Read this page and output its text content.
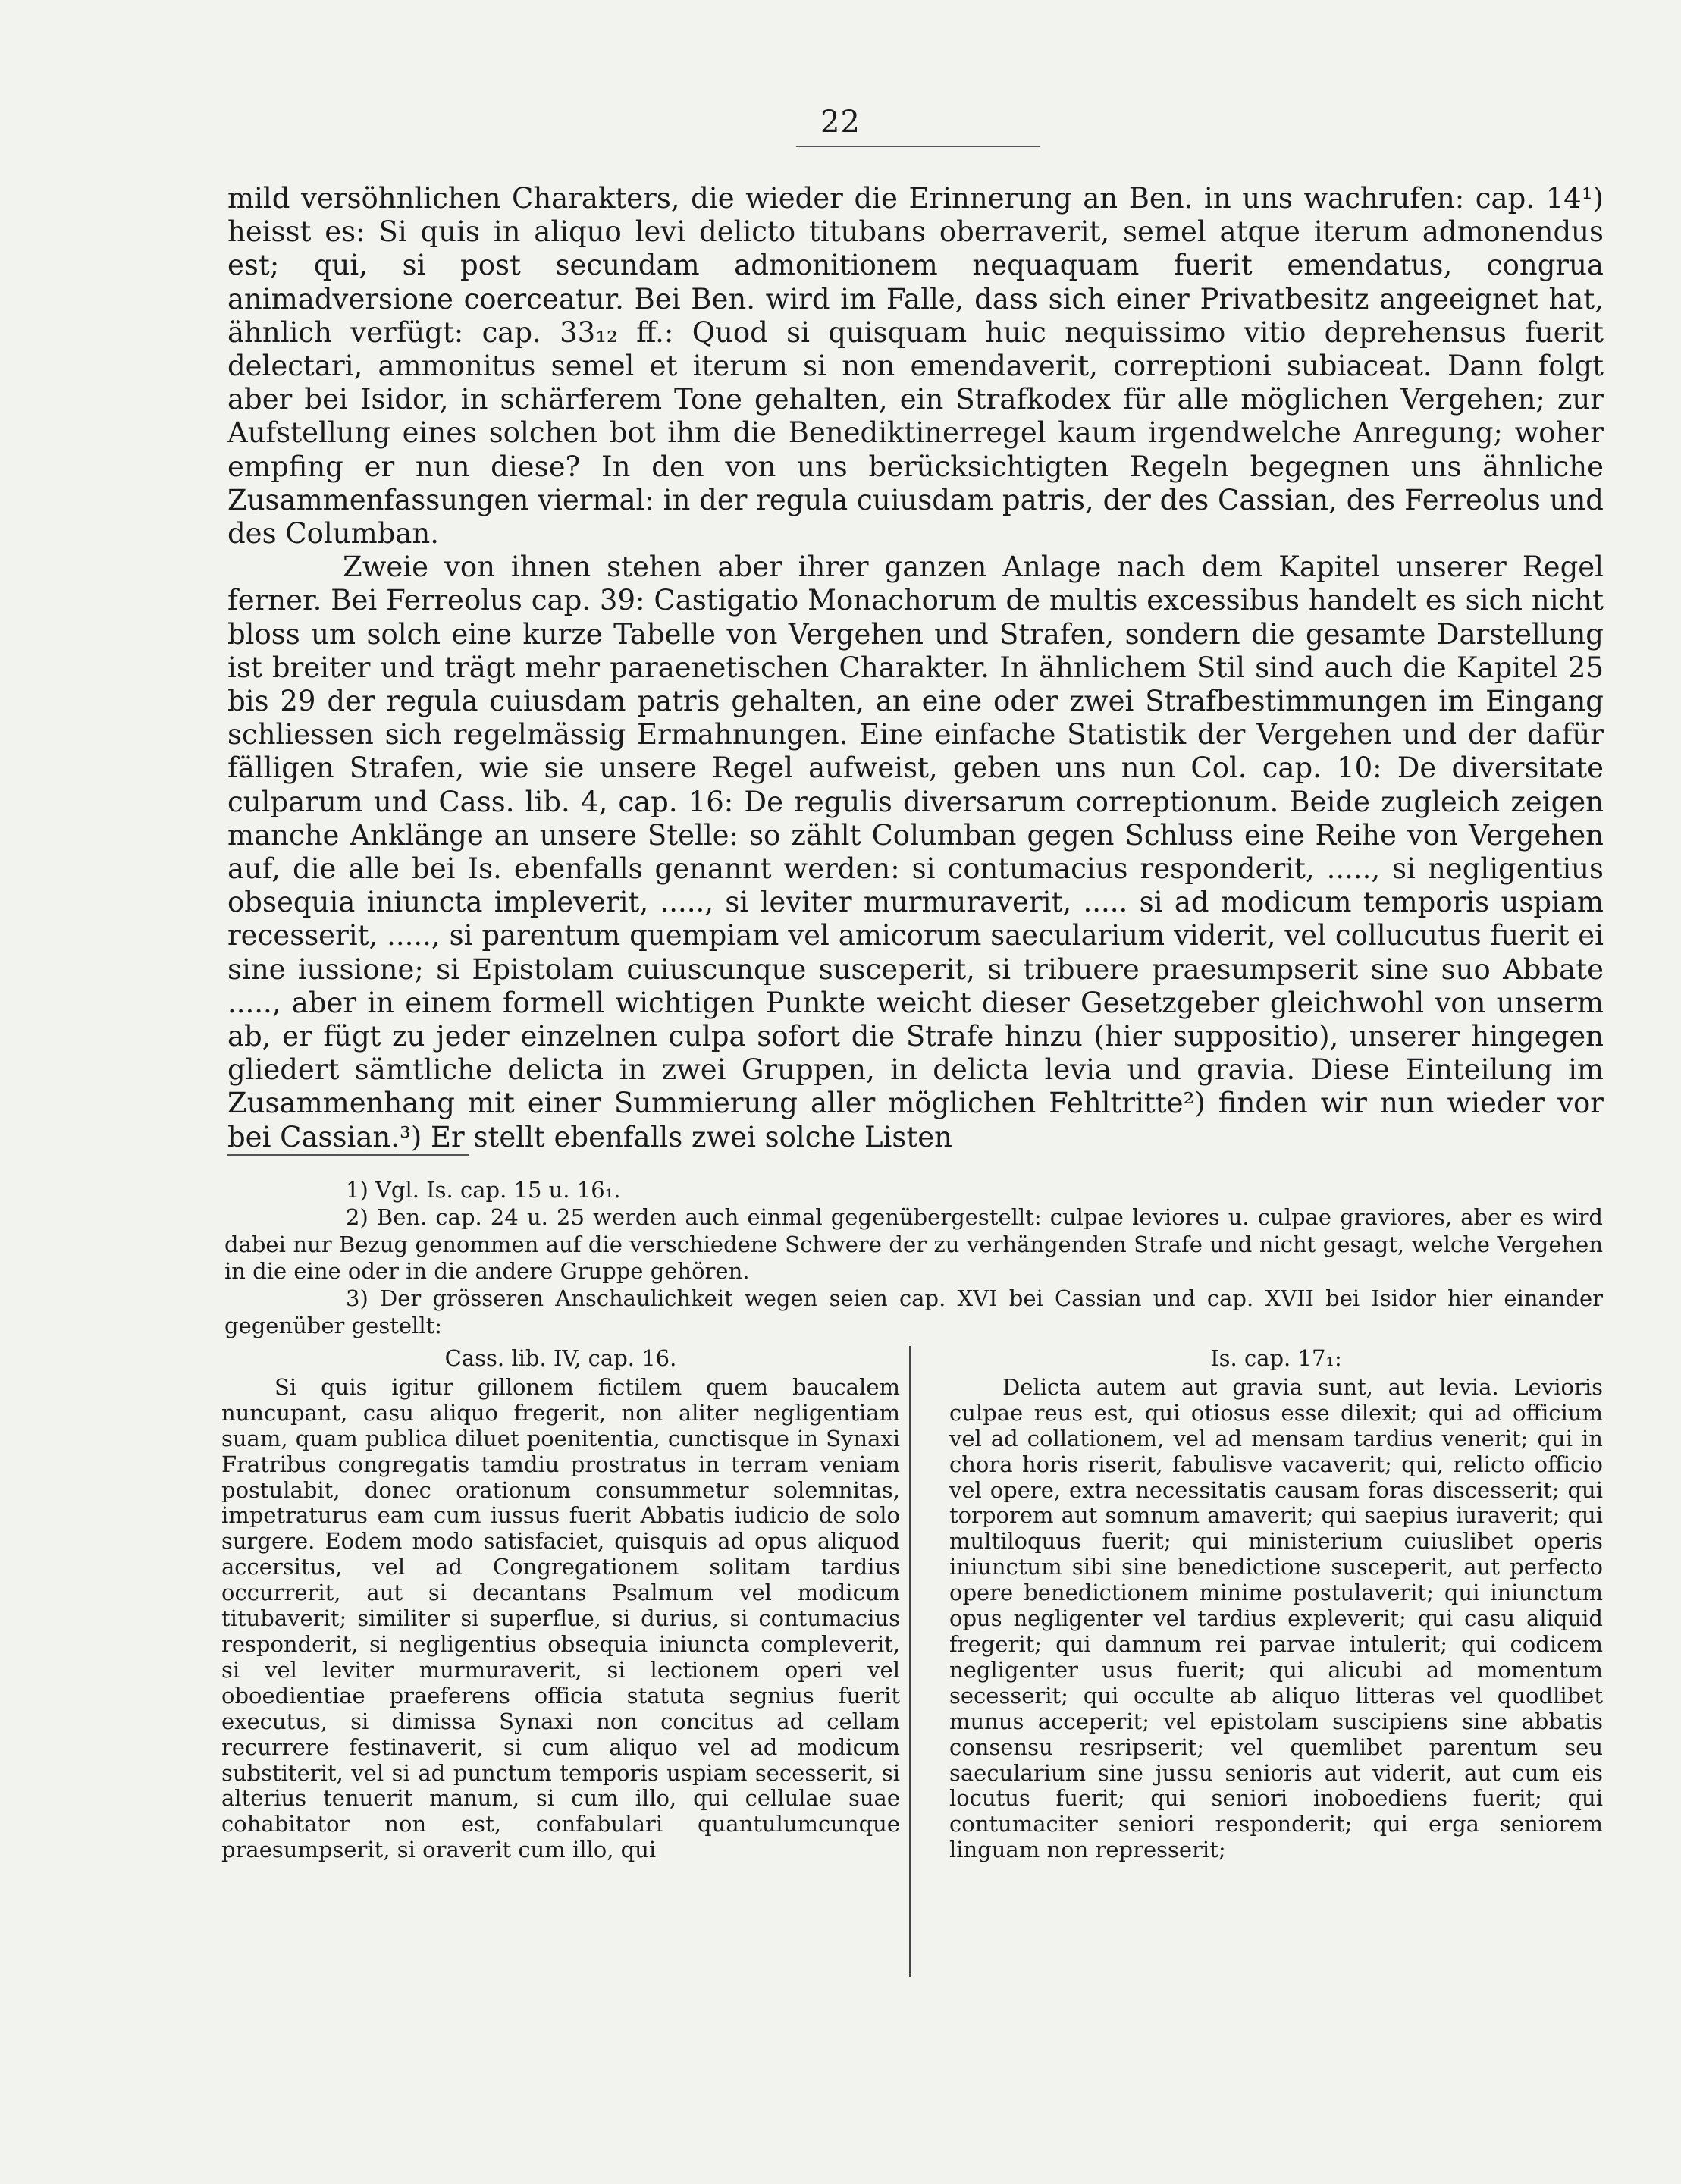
22

mild versöhnlichen Charakters, die wieder die Erinnerung an Ben. in uns wachrufen: cap. 14¹) heisst es: Si quis in aliquo levi delicto titubans oberraverit, semel atque iterum admonendus est; qui, si post secundam admonitionem nequaquam fuerit emendatus, congrua animadversione coerceatur. Bei Ben. wird im Falle, dass sich einer Privatbesitz angeeignet hat, ähnlich verfügt: cap. 33₁₂ ff.: Quod si quisquam huic nequissimo vitio deprehensus fuerit delectari, ammonitus semel et iterum si non emendaverit, correptioni subiaceat. Dann folgt aber bei Isidor, in schärferem Tone gehalten, ein Strafkodex für alle möglichen Vergehen; zur Aufstellung eines solchen bot ihm die Benediktinerregel kaum irgendwelche Anregung; woher empfing er nun diese? In den von uns berücksichtigten Regeln begegnen uns ähnliche Zusammenfassungen viermal: in der regula cuiusdam patris, der des Cassian, des Ferreolus und des Columban.

Zweie von ihnen stehen aber ihrer ganzen Anlage nach dem Kapitel unserer Regel ferner. Bei Ferreolus cap. 39: Castigatio Monachorum de multis excessibus handelt es sich nicht bloss um solch eine kurze Tabelle von Vergehen und Strafen, sondern die gesamte Darstellung ist breiter und trägt mehr paraenetischen Charakter. In ähnlichem Stil sind auch die Kapitel 25 bis 29 der regula cuiusdam patris gehalten, an eine oder zwei Strafbestimmungen im Eingang schliessen sich regelmässig Ermahnungen. Eine einfache Statistik der Vergehen und der dafür fälligen Strafen, wie sie unsere Regel aufweist, geben uns nun Col. cap. 10: De diversitate culparum und Cass. lib. 4, cap. 16: De regulis diversarum correptionum. Beide zugleich zeigen manche Anklänge an unsere Stelle: so zählt Columban gegen Schluss eine Reihe von Vergehen auf, die alle bei Is. ebenfalls genannt werden: si contumacius responderit, ....., si negligentius obsequia iniuncta impleverit, ....., si leviter murmuraverit, ..... si ad modicum temporis uspiam recesserit, ....., si parentum quempiam vel amicorum saecularium viderit, vel collucutus fuerit ei sine iussione; si Epistolam cuiuscunque susceperit, si tribuere praesumpserit sine suo Abbate ....., aber in einem formell wichtigen Punkte weicht dieser Gesetzgeber gleichwohl von unserm ab, er fügt zu jeder einzelnen culpa sofort die Strafe hinzu (hier suppositio), unserer hingegen gliedert sämtliche delicta in zwei Gruppen, in delicta levia und gravia. Diese Einteilung im Zusammenhang mit einer Summierung aller möglichen Fehltritte²) finden wir nun wieder vor bei Cassian.³) Er stellt ebenfalls zwei solche Listen

1) Vgl. Is. cap. 15 u. 16₁.

2) Ben. cap. 24 u. 25 werden auch einmal gegenübergestellt: culpae leviores u. culpae graviores, aber es wird dabei nur Bezug genommen auf die verschiedene Schwere der zu verhängenden Strafe und nicht gesagt, welche Vergehen in die eine oder in die andere Gruppe gehören.

3) Der grösseren Anschaulichkeit wegen seien cap. XVI bei Cassian und cap. XVII bei Isidor hier einander gegenüber gestellt:

Cass. lib. IV, cap. 16.

Si quis igitur gillonem fictilem quem baucalem nuncupant, casu aliquo fregerit, non aliter negligentiam suam, quam publica diluet poenitentia, cunctisque in Synaxi Fratribus congregatis tamdiu prostratus in terram veniam postulabit, donec orationum consummetur solemnitas, impetraturus eam cum iussus fuerit Abbatis iudicio de solo surgere. Eodem modo satisfaciet, quisquis ad opus aliquod accersitus, vel ad Congregationem solitam tardius occurrerit, aut si decantans Psalmum vel modicum titubaverit; similiter si superflue, si durius, si contumacius responderit, si negligentius obsequia iniuncta compleverit, si vel leviter murmuraverit, si lectionem operi vel oboedientiae praeferens officia statuta segnius fuerit executus, si dimissa Synaxi non concitus ad cellam recurrere festinaverit, si cum aliquo vel ad modicum substiterit, vel si ad punctum temporis uspiam secesserit, si alterius tenuerit manum, si cum illo, qui cellulae suae cohabitator non est, confabulari quantulumcunque praesumpserit, si oraverit cum illo, qui

Is. cap. 17₁:

Delicta autem aut gravia sunt, aut levia. Levioris culpae reus est, qui otiosus esse dilexit; qui ad officium vel ad collationem, vel ad mensam tardius venerit; qui in chora horis riserit, fabulisve vacaverit; qui, relicto officio vel opere, extra necessitatis causam foras discesserit; qui torporem aut somnum amaverit; qui saepius iuraverit; qui multiloquus fuerit; qui ministerium cuiuslibet operis iniunctum sibi sine benedictione susceperit, aut perfecto opere benedictionem minime postulaverit; qui iniunctum opus negligenter vel tardius expleverit; qui casu aliquid fregerit; qui damnum rei parvae intulerit; qui codicem negligenter usus fuerit; qui alicubi ad momentum secesserit; qui occulte ab aliquo litteras vel quodlibet munus acceperit; vel epistolam suscipiens sine abbatis consensu resripserit; vel quemlibet parentum seu saecularium sine jussu senioris aut viderit, aut cum eis locutus fuerit; qui seniori inoboediens fuerit; qui contumaciter seniori responderit; qui erga seniorem linguam non represserit;
